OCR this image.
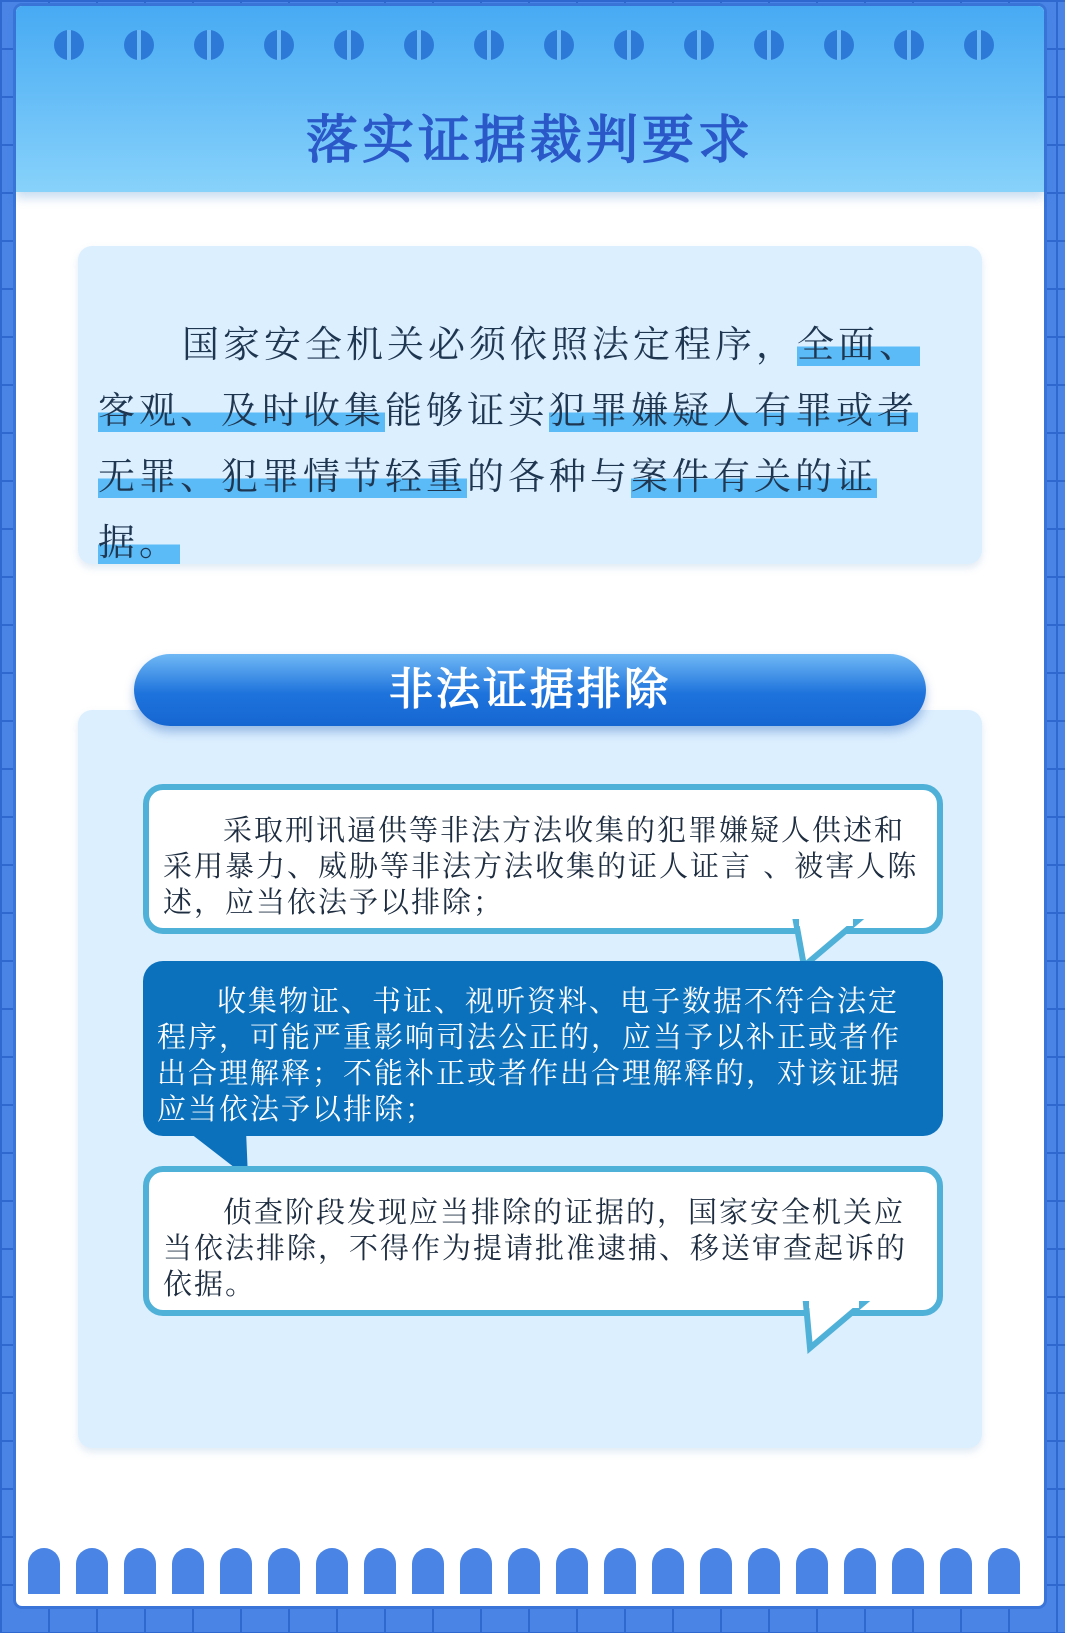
落实证据裁判要求
国家安全机关必须依照法定程序，全面、客观、及时收集能够证实犯罪嫌疑人有罪或者无罪、犯罪情节轻重的各种与案件有关的证据。
非法证据排除

采取刑讯逼供等非法方法收集的犯罪嫌疑人供述和采用暴力、威胁等非法方法收集的证人证言 、被害人陈述，应当依法予以排除；

收集物证、书证、视听资料、电子数据不符合法定程序，可能严重影响司法公正的，应当予以补正或者作出合理解释；不能补正或者作出合理解释的，对该证据应当依法予以排除；

侦查阶段发现应当排除的证据的，国家安全机关应当依法排除，不得作为提请批准逮捕、移送审查起诉的依据。
